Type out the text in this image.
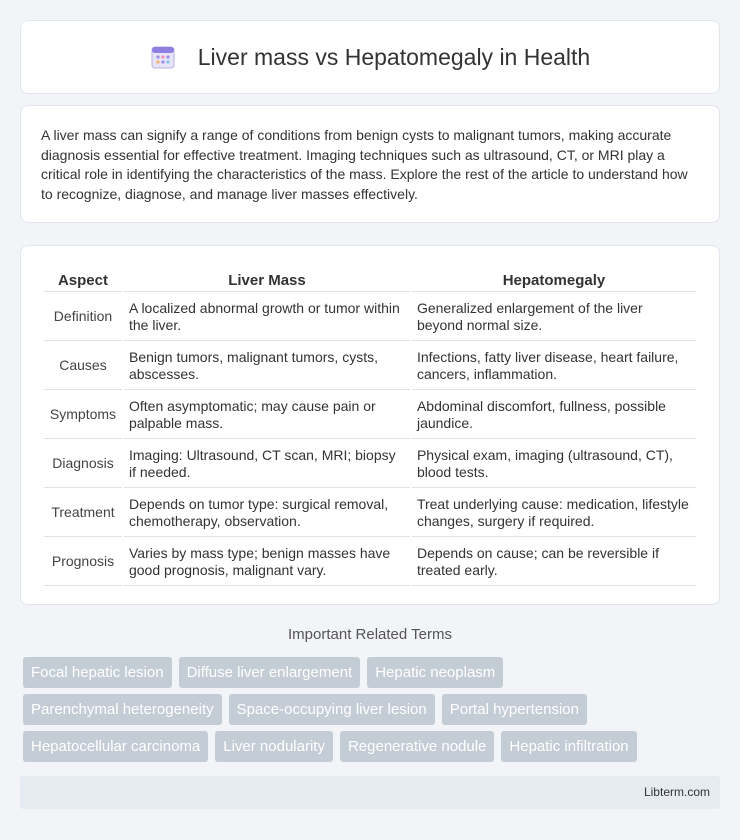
Liver mass vs Hepatomegaly in Health

A liver mass can signify a range of conditions from benign cysts to malignant tumors, making accurate diagnosis essential for effective treatment. Imaging techniques such as ultrasound, CT, or MRI play a critical role in identifying the characteristics of the mass. Explore the rest of the article to understand how to recognize, diagnose, and manage liver masses effectively.

Aspect	Liver Mass	Hepatomegaly
Definition	A localized abnormal growth or tumor within the liver.	Generalized enlargement of the liver beyond normal size.
Causes	Benign tumors, malignant tumors, cysts, abscesses.	Infections, fatty liver disease, heart failure, cancers, inflammation.
Symptoms	Often asymptomatic; may cause pain or palpable mass.	Abdominal discomfort, fullness, possible jaundice.
Diagnosis	Imaging: Ultrasound, CT scan, MRI; biopsy if needed.	Physical exam, imaging (ultrasound, CT), blood tests.
Treatment	Depends on tumor type: surgical removal, chemotherapy, observation.	Treat underlying cause: medication, lifestyle changes, surgery if required.
Prognosis	Varies by mass type; benign masses have good prognosis, malignant vary.	Depends on cause; can be reversible if treated early.
Important Related Terms
Focal hepatic lesion	Diffuse liver enlargement	Hepatic neoplasm
Parenchymal heterogeneity	Space-occupying liver lesion	Portal hypertension
Hepatocellular carcinoma	Liver nodularity	Regenerative nodule	Hepatic infiltration
Libterm.com
